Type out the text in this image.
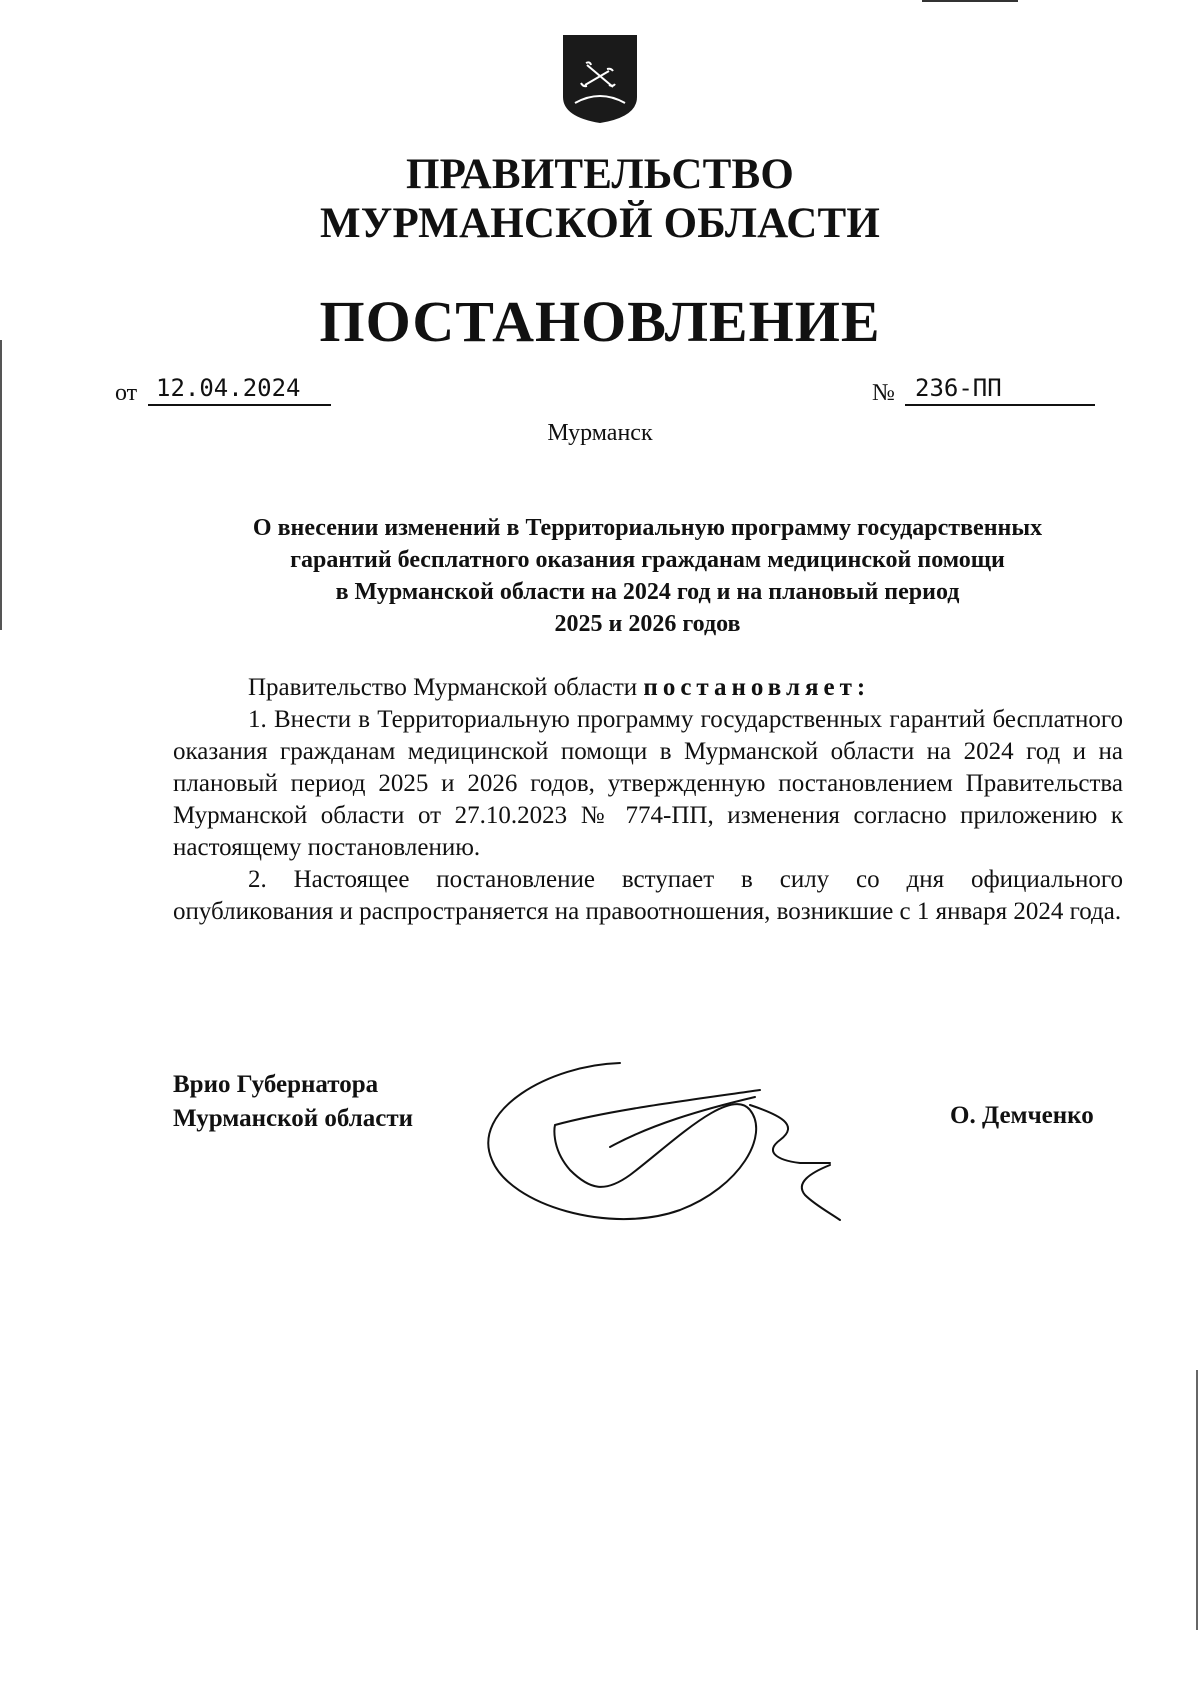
ПРАВИТЕЛЬСТВО
МУРМАНСКОЙ ОБЛАСТИ
ПОСТАНОВЛЕНИЕ
от 12.04.2024	№ 236-ПП
Мурманск
О внесении изменений в Территориальную программу государственных
гарантий бесплатного оказания гражданам медицинской помощи
в Мурманской области на 2024 год и на плановый период
2025 и 2026 годов

Правительство Мурманской области постановляет:

1. Внести в Территориальную программу государственных гарантий бесплатного оказания гражданам медицинской помощи в Мурманской области на 2024 год и на плановый период 2025 и 2026 годов, утвержденную постановлением Правительства Мурманской области от 27.10.2023 № 774-ПП, изменения согласно приложению к настоящему постановлению.

2. Настоящее постановление вступает в силу со дня официального опубликования и распространяется на правоотношения, возникшие с 1 января 2024 года.

Врио Губернатора
Мурманской области	О. Демченко
